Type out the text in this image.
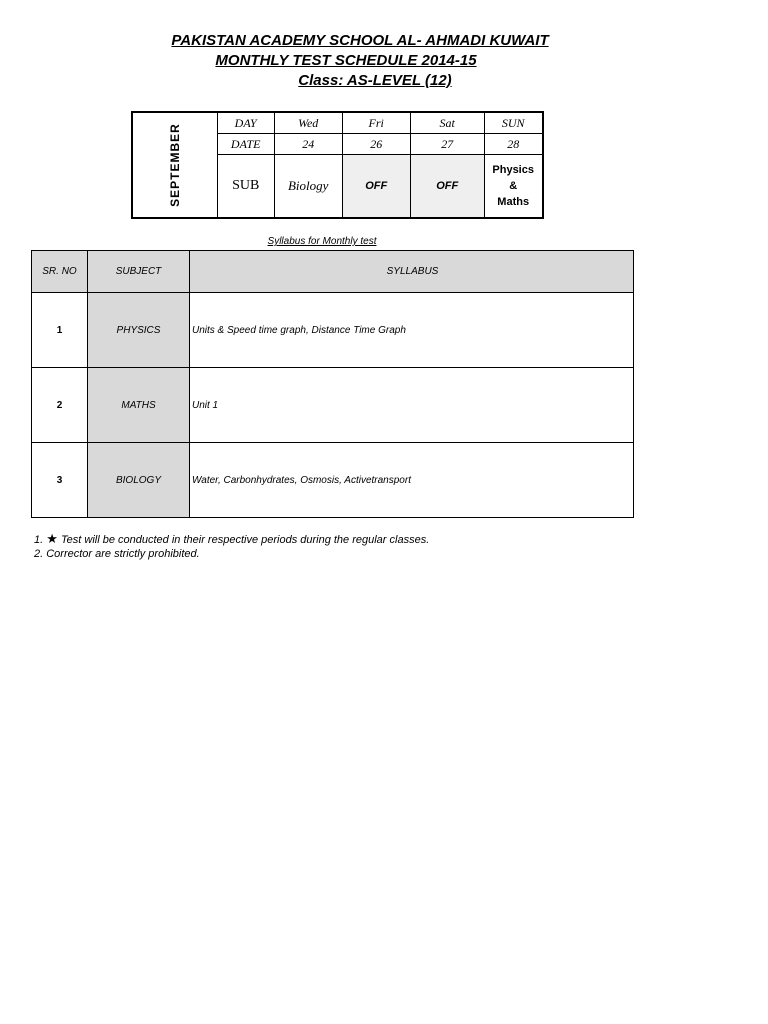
PAKISTAN ACADEMY SCHOOL AL- AHMADI KUWAIT
MONTHLY TEST SCHEDULE 2014-15
Class: AS-LEVEL (12)
SEPTEMBER	DAY	Wed	Fri	Sat	SUN
	DATE	24	26	27	28
	SUB	Biology	OFF	OFF	Physics
&
Maths
Syllabus for Monthly test
SR. NO	SUBJECT	SYLLABUS
1	PHYSICS	Units & Speed time graph, Distance Time Graph
2	MATHS	Unit 1
3	BIOLOGY	Water, Carbonhydrates, Osmosis, Activetransport
1. ★ Test will be conducted in their respective periods during the regular classes.
2. Corrector are strictly prohibited.
